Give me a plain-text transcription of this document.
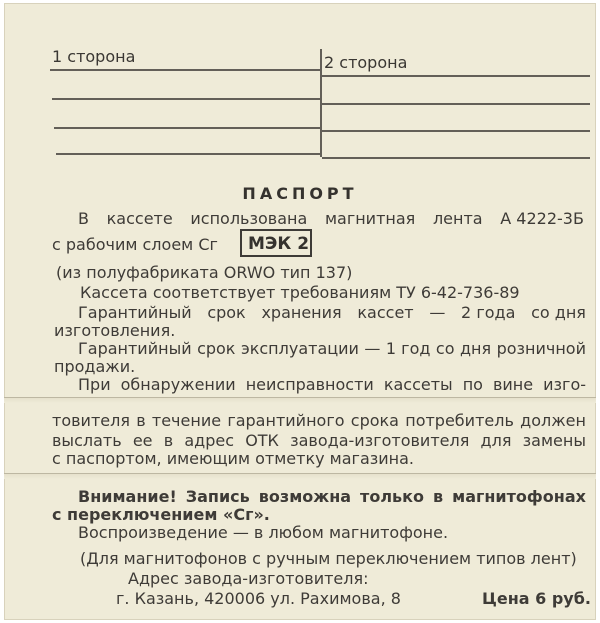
1 сторона	2 сторона
ПАСПОРТ
В кассете использована магнитная лента А 4222-3Б
с рабочим слоем Сг МЭК 2
(из полуфабриката ORWO тип 137)
Кассета соответствует требованиям ТУ 6-42-736-89
Гарантийный срок хранения кассет — 2 года со дня
изготовления.
Гарантийный срок эксплуатации — 1 год со дня розничной
продажи.
При обнаружении неисправности кассеты по вине изго-
товителя в течение гарантийного срока потребитель должен
выслать ее в адрес ОТК завода-изготовителя для замены
с паспортом, имеющим отметку магазина.
Внимание! Запись возможна только в магнитофонах
с переключением «Сг».
Воспроизведение — в любом магнитофоне.
(Для магнитофонов с ручным переключением типов лент)
Адрес завода-изготовителя:
г. Казань, 420006 ул. Рахимова, 8	Цена 6 руб.
